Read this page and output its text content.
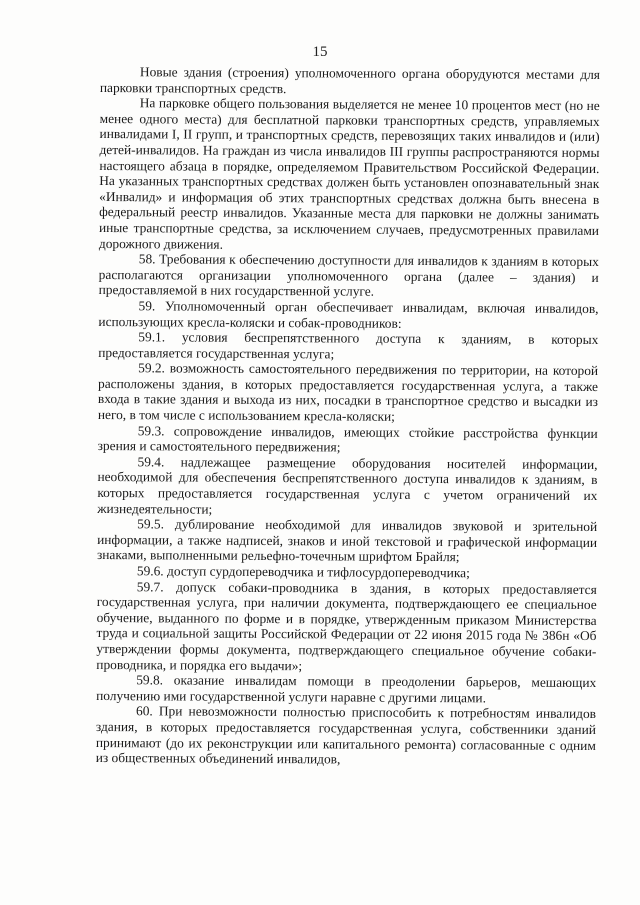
15

Новые здания (строения) уполномоченного органа оборудуются местами для парковки транспортных средств.

На парковке общего пользования выделяется не менее 10 процентов мест (но не менее одного места) для бесплатной парковки транспортных средств, управляемых инвалидами I, II групп, и транспортных средств, перевозящих таких инвалидов и (или) детей-инвалидов. На граждан из числа инвалидов III группы распространяются нормы настоящего абзаца в порядке, определяемом Правительством Российской Федерации. На указанных транспортных средствах должен быть установлен опознавательный знак «Инвалид» и информация об этих транспортных средствах должна быть внесена в федеральный реестр инвалидов. Указанные места для парковки не должны занимать иные транспортные средства, за исключением случаев, предусмотренных правилами дорожного движения.

58. Требования к обеспечению доступности для инвалидов к зданиям в которых располагаются организации уполномоченного органа (далее – здания) и предоставляемой в них государственной услуге.

59. Уполномоченный орган обеспечивает инвалидам, включая инвалидов, использующих кресла-коляски и собак-проводников:

59.1. условия беспрепятственного доступа к зданиям, в которых предоставляется государственная услуга;

59.2. возможность самостоятельного передвижения по территории, на которой расположены здания, в которых предоставляется государственная услуга, а также входа в такие здания и выхода из них, посадки в транспортное средство и высадки из него, в том числе с использованием кресла-коляски;

59.3. сопровождение инвалидов, имеющих стойкие расстройства функции зрения и самостоятельного передвижения;

59.4. надлежащее размещение оборудования носителей информации, необходимой для обеспечения беспрепятственного доступа инвалидов к зданиям, в которых предоставляется государственная услуга с учетом ограничений их жизнедеятельности;

59.5. дублирование необходимой для инвалидов звуковой и зрительной информации, а также надписей, знаков и иной текстовой и графической информации знаками, выполненными рельефно-точечным шрифтом Брайля;

59.6. доступ сурдопереводчика и тифлосурдопереводчика;

59.7. допуск собаки-проводника в здания, в которых предоставляется государственная услуга, при наличии документа, подтверждающего ее специальное обучение, выданного по форме и в порядке, утвержденным приказом Министерства труда и социальной защиты Российской Федерации от 22 июня 2015 года № 386н «Об утверждении формы документа, подтверждающего специальное обучение собаки-проводника, и порядка его выдачи»;

59.8. оказание инвалидам помощи в преодолении барьеров, мешающих получению ими государственной услуги наравне с другими лицами.

60. При невозможности полностью приспособить к потребностям инвалидов здания, в которых предоставляется государственная услуга, собственники зданий принимают (до их реконструкции или капитального ремонта) согласованные с одним из общественных объединений инвалидов,
